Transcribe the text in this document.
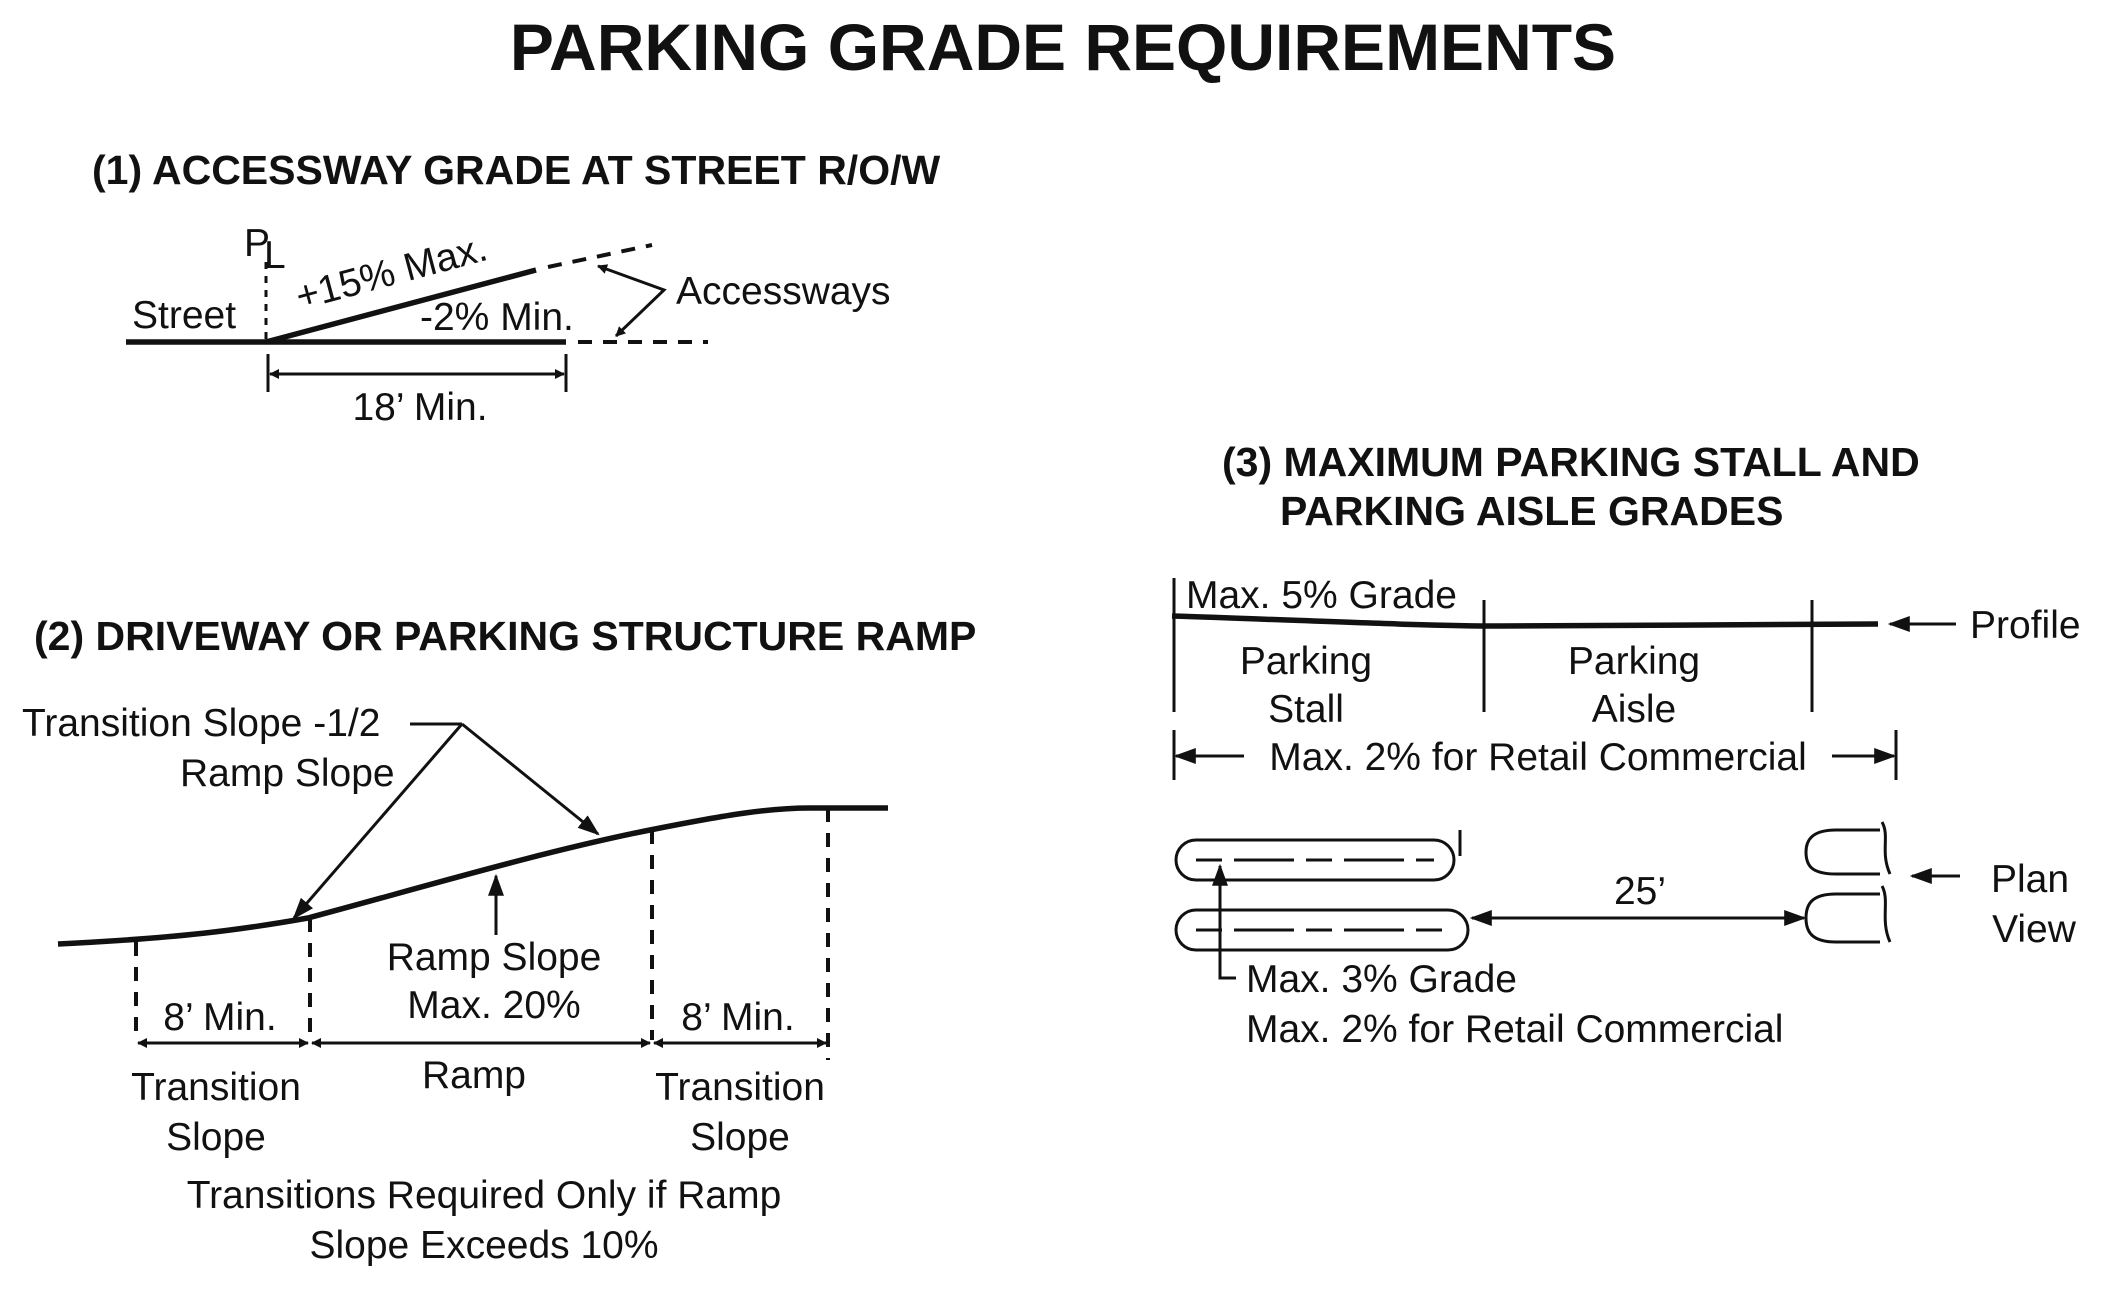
PARKING GRADE REQUIREMENTS
(1) ACCESSWAY GRADE AT STREET R/O/W
P
L
Street +15% Max.
-2% Min.
Accessways
18’ Min.
(2) DRIVEWAY OR PARKING STRUCTURE RAMP
Transition Slope -1/2
Ramp Slope
Ramp Slope
Max. 20%
8’ Min.	8’ Min.
Transition
Slope
Ramp	Transition
Slope
Transitions Required Only if Ramp
Slope Exceeds 10%
(3) MAXIMUM PARKING STALL AND
PARKING AISLE GRADES
Max. 5% Grade
Profile
Parking
Stall
Parking
Aisle
Max. 2% for Retail Commercial
25’	Plan
View
Max. 3% Grade
Max. 2% for Retail Commercial
